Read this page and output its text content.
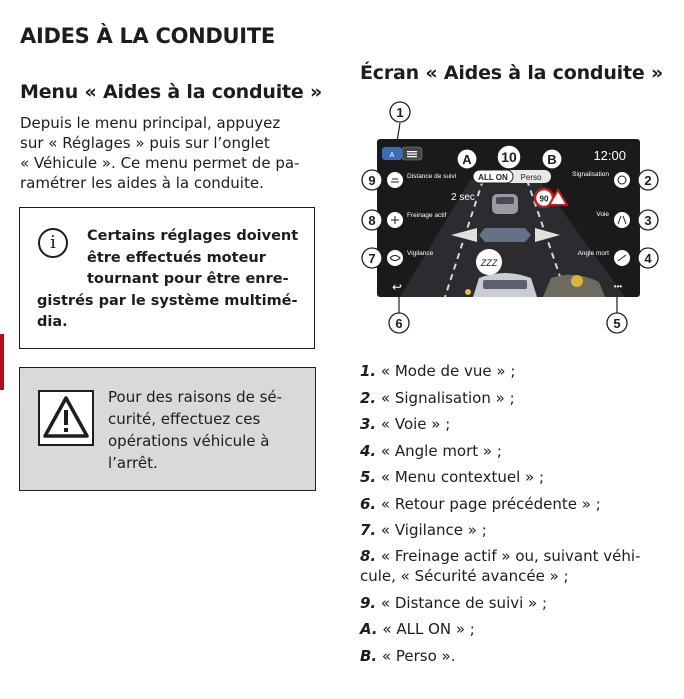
AIDES À LA CONDUITE
Menu « Aides à la conduite »
Écran « Aides à la conduite »
Depuis le menu principal, appuyez
sur « Réglages » puis sur l’onglet
« Véhicule ». Ce menu permet de pa-
ramétrer les aides à la conduite.
i	Certains réglages doivent
être effectués moteur
tournant pour être enre-
gistrés par le système multimé-
dia.
Pour des raisons de sé-
curité, effectuez ces
opérations véhicule à
l’arrêt.
A	12:00
10
ALL ON Perso
A	B
90
2 sec
Distance de suivi
Freinage actif
Vigilance
Signalisation
Voie
Angle mort
ZZZ
↩	•••
1
2
3
4
5
6
7
8
9
1. « Mode de vue » ;
2. « Signalisation » ;
3. « Voie » ;
4. « Angle mort » ;
5. « Menu contextuel » ;
6. « Retour page précédente » ;
7. « Vigilance » ;
8. « Freinage actif » ou, suivant véhi-
cule, « Sécurité avancée » ;
9. « Distance de suivi » ;
A. « ALL ON » ;
B. « Perso ».
